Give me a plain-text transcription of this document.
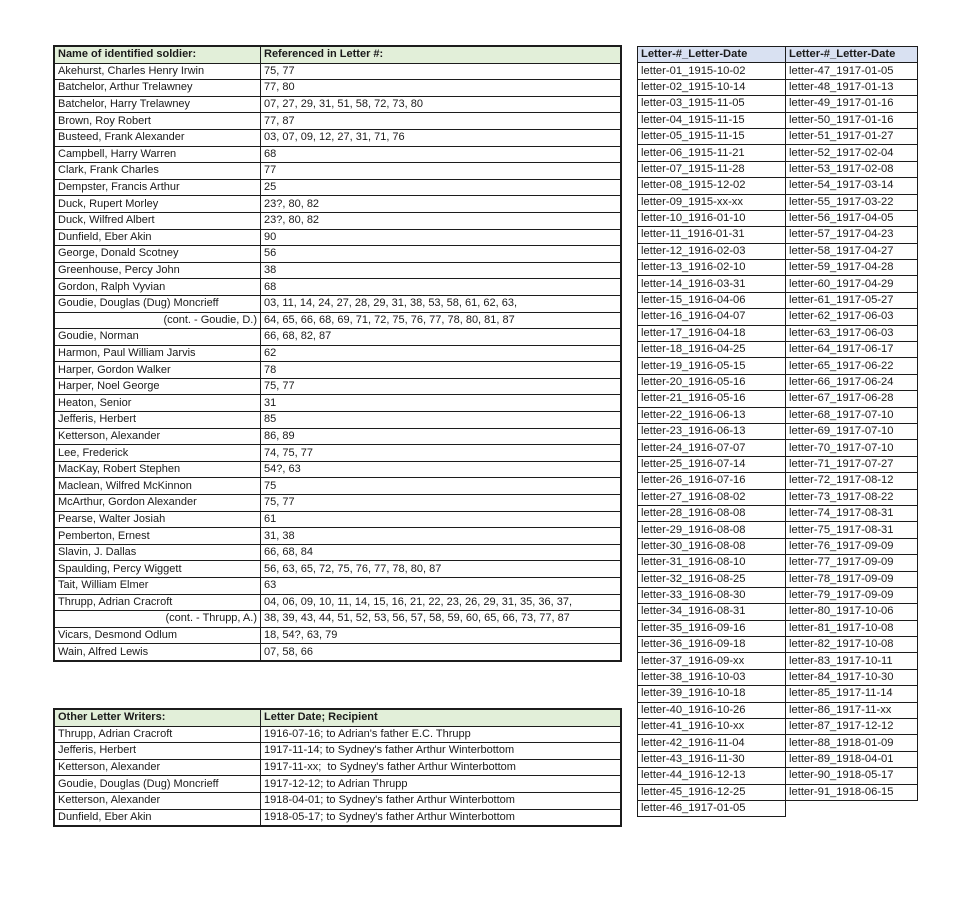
Name of identified soldier:	Referenced in Letter #:
Akehurst, Charles Henry Irwin	75, 77
Batchelor, Arthur Trelawney	77, 80
Batchelor, Harry Trelawney	07, 27, 29, 31, 51, 58, 72, 73, 80
Brown, Roy Robert	77, 87
Busteed, Frank Alexander	03, 07, 09, 12, 27, 31, 71, 76
Campbell, Harry Warren	68
Clark, Frank Charles	77
Dempster, Francis Arthur	25
Duck, Rupert Morley	23?, 80, 82
Duck, Wilfred Albert	23?, 80, 82
Dunfield, Eber Akin	90
George, Donald Scotney	56
Greenhouse, Percy John	38
Gordon, Ralph Vyvian	68
Goudie, Douglas (Dug) Moncrieff	03, 11, 14, 24, 27, 28, 29, 31, 38, 53, 58, 61, 62, 63,
(cont. - Goudie, D.)	64, 65, 66, 68, 69, 71, 72, 75, 76, 77, 78, 80, 81, 87
Goudie, Norman	66, 68, 82, 87
Harmon, Paul William Jarvis	62
Harper, Gordon Walker	78
Harper, Noel George	75, 77
Heaton, Senior	31
Jefferis, Herbert	85
Ketterson, Alexander	86, 89
Lee, Frederick	74, 75, 77
MacKay, Robert Stephen	54?, 63
Maclean, Wilfred McKinnon	75
McArthur, Gordon Alexander	75, 77
Pearse, Walter Josiah	61
Pemberton, Ernest	31, 38
Slavin, J. Dallas	66, 68, 84
Spaulding, Percy Wiggett	56, 63, 65, 72, 75, 76, 77, 78, 80, 87
Tait, William Elmer	63
Thrupp, Adrian Cracroft	04, 06, 09, 10, 11, 14, 15, 16, 21, 22, 23, 26, 29, 31, 35, 36, 37,
(cont. - Thrupp, A.)	38, 39, 43, 44, 51, 52, 53, 56, 57, 58, 59, 60, 65, 66, 73, 77, 87
Vicars, Desmond Odlum	18, 54?, 63, 79
Wain, Alfred Lewis	07, 58, 66
Other Letter Writers:	Letter Date; Recipient
Thrupp, Adrian Cracroft	1916-07-16; to Adrian's father E.C. Thrupp
Jefferis, Herbert	1917-11-14; to Sydney's father Arthur Winterbottom
Ketterson, Alexander	1917-11-xx;  to Sydney's father Arthur Winterbottom
Goudie, Douglas (Dug) Moncrieff	1917-12-12; to Adrian Thrupp
Ketterson, Alexander	1918-04-01; to Sydney's father Arthur Winterbottom
Dunfield, Eber Akin	1918-05-17; to Sydney's father Arthur Winterbottom
Letter-#_Letter-Date	Letter-#_Letter-Date
letter-01_1915-10-02	letter-47_1917-01-05
letter-02_1915-10-14	letter-48_1917-01-13
letter-03_1915-11-05	letter-49_1917-01-16
letter-04_1915-11-15	letter-50_1917-01-16
letter-05_1915-11-15	letter-51_1917-01-27
letter-06_1915-11-21	letter-52_1917-02-04
letter-07_1915-11-28	letter-53_1917-02-08
letter-08_1915-12-02	letter-54_1917-03-14
letter-09_1915-xx-xx	letter-55_1917-03-22
letter-10_1916-01-10	letter-56_1917-04-05
letter-11_1916-01-31	letter-57_1917-04-23
letter-12_1916-02-03	letter-58_1917-04-27
letter-13_1916-02-10	letter-59_1917-04-28
letter-14_1916-03-31	letter-60_1917-04-29
letter-15_1916-04-06	letter-61_1917-05-27
letter-16_1916-04-07	letter-62_1917-06-03
letter-17_1916-04-18	letter-63_1917-06-03
letter-18_1916-04-25	letter-64_1917-06-17
letter-19_1916-05-15	letter-65_1917-06-22
letter-20_1916-05-16	letter-66_1917-06-24
letter-21_1916-05-16	letter-67_1917-06-28
letter-22_1916-06-13	letter-68_1917-07-10
letter-23_1916-06-13	letter-69_1917-07-10
letter-24_1916-07-07	letter-70_1917-07-10
letter-25_1916-07-14	letter-71_1917-07-27
letter-26_1916-07-16	letter-72_1917-08-12
letter-27_1916-08-02	letter-73_1917-08-22
letter-28_1916-08-08	letter-74_1917-08-31
letter-29_1916-08-08	letter-75_1917-08-31
letter-30_1916-08-08	letter-76_1917-09-09
letter-31_1916-08-10	letter-77_1917-09-09
letter-32_1916-08-25	letter-78_1917-09-09
letter-33_1916-08-30	letter-79_1917-09-09
letter-34_1916-08-31	letter-80_1917-10-06
letter-35_1916-09-16	letter-81_1917-10-08
letter-36_1916-09-18	letter-82_1917-10-08
letter-37_1916-09-xx	letter-83_1917-10-11
letter-38_1916-10-03	letter-84_1917-10-30
letter-39_1916-10-18	letter-85_1917-11-14
letter-40_1916-10-26	letter-86_1917-11-xx
letter-41_1916-10-xx	letter-87_1917-12-12
letter-42_1916-11-04	letter-88_1918-01-09
letter-43_1916-11-30	letter-89_1918-04-01
letter-44_1916-12-13	letter-90_1918-05-17
letter-45_1916-12-25	letter-91_1918-06-15
letter-46_1917-01-05	
